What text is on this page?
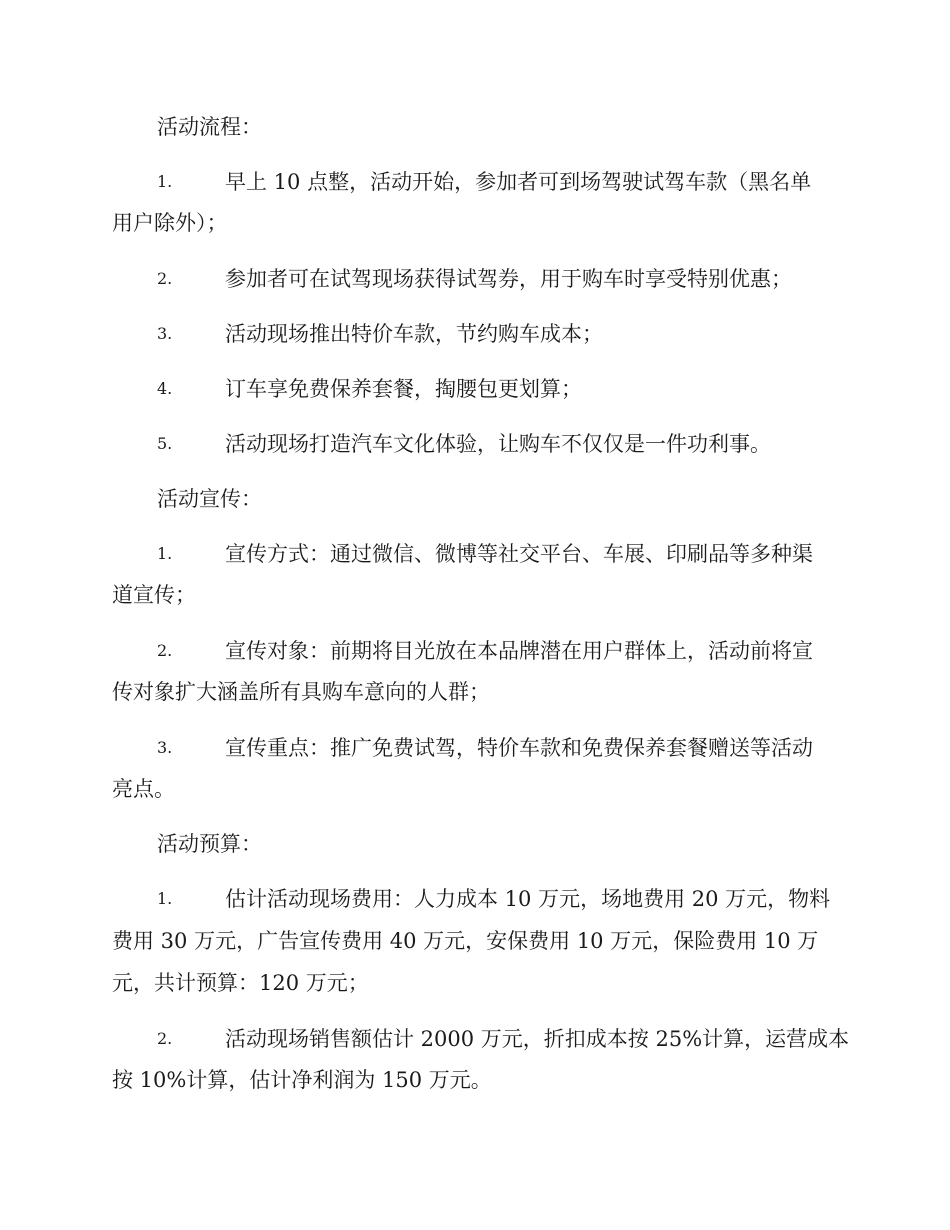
活动流程：
1.	早上 10 点整，活动开始，参加者可到场驾驶试驾车款（黑名单
用户除外）；
2.	参加者可在试驾现场获得试驾券，用于购车时享受特别优惠；
3.	活动现场推出特价车款，节约购车成本；
4.	订车享免费保养套餐，掏腰包更划算；
5.	活动现场打造汽车文化体验，让购车不仅仅是一件功利事。
活动宣传：
1.	宣传方式：通过微信、微博等社交平台、车展、印刷品等多种渠
道宣传；
2.	宣传对象：前期将目光放在本品牌潜在用户群体上，活动前将宣
传对象扩大涵盖所有具购车意向的人群；
3.	宣传重点：推广免费试驾，特价车款和免费保养套餐赠送等活动
亮点。
活动预算：
1.	估计活动现场费用：人力成本 10 万元，场地费用 20 万元，物料
费用 30 万元，广告宣传费用 40 万元，安保费用 10 万元，保险费用 10 万
元，共计预算：120 万元；
2.	活动现场销售额估计 2000 万元，折扣成本按 25%计算，运营成本
按 10%计算，估计净利润为 150 万元。
